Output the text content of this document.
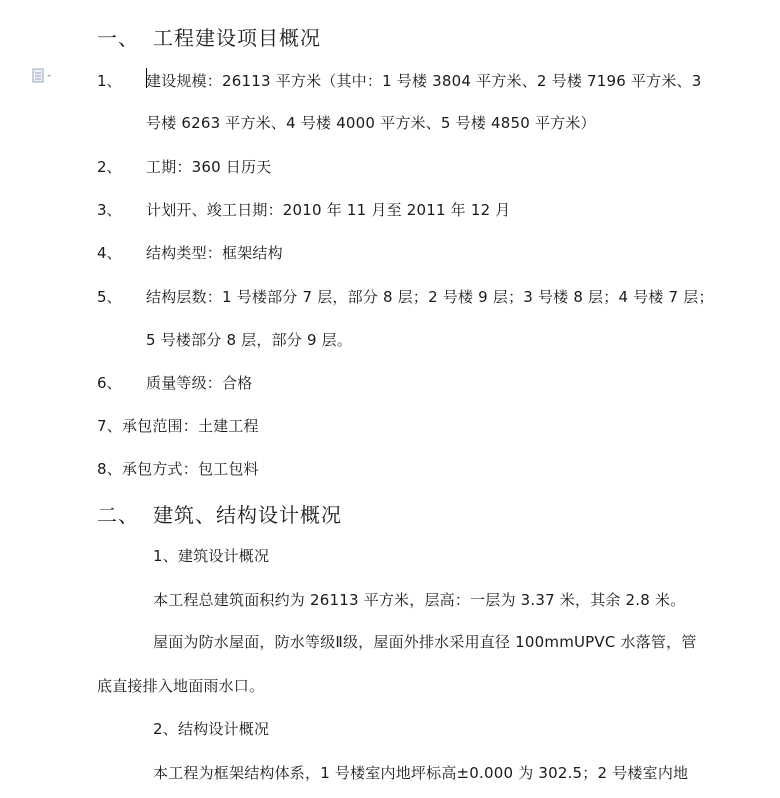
一、 工程建设项目概况
1、 建设规模：26113 平方米（其中：1 号楼 3804 平方米、2 号楼 7196 平方米、3
号楼 6263 平方米、4 号楼 4000 平方米、5 号楼 4850 平方米）
2、 工期：360 日历天
3、 计划开、竣工日期：2010 年 11 月至 2011 年 12 月
4、 结构类型：框架结构
5、 结构层数：1 号楼部分 7 层，部分 8 层；2 号楼 9 层；3 号楼 8 层；4 号楼 7 层；
5 号楼部分 8 层，部分 9 层。
6、 质量等级：合格
7、承包范围：土建工程
8、承包方式：包工包料
二、 建筑、结构设计概况
1、建筑设计概况
本工程总建筑面积约为 26113 平方米，层高：一层为 3.37 米，其余 2.8 米。
屋面为防水屋面，防水等级Ⅱ级，屋面外排水采用直径 100mmUPVC 水落管，管
底直接排入地面雨水口。
2、结构设计概况
本工程为框架结构体系，1 号楼室内地坪标高±0.000 为 302.5；2 号楼室内地
